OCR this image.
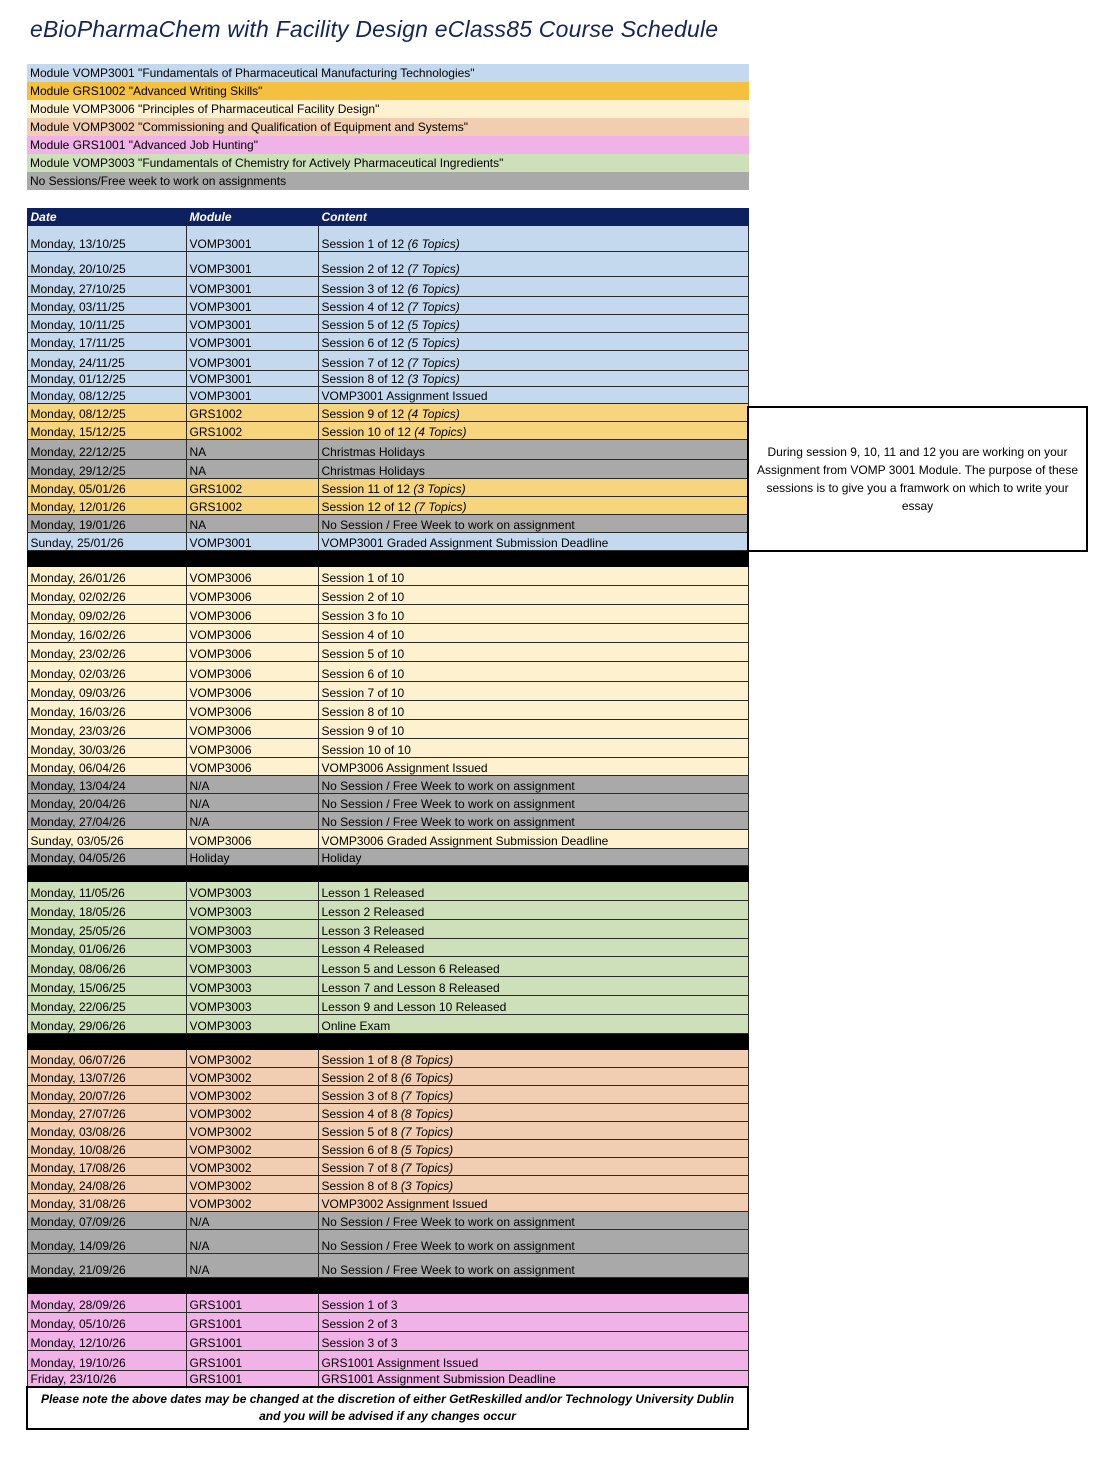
eBioPharmaChem with Facility Design eClass85 Course Schedule
Module VOMP3001 "Fundamentals of Pharmaceutical Manufacturing Technologies"
Module GRS1002 "Advanced Writing Skills"
Module VOMP3006 "Principles of Pharmaceutical Facility Design"
Module VOMP3002 "Commissioning and Qualification of Equipment and Systems"
Module GRS1001 "Advanced Job Hunting"
Module VOMP3003 "Fundamentals of Chemistry for Actively Pharmaceutical Ingredients"
No Sessions/Free week to work on assignments
Date	Module	Content
Monday, 13/10/25	VOMP3001	Session 1 of 12 (6 Topics)
Monday, 20/10/25	VOMP3001	Session 2 of 12 (7 Topics)
Monday, 27/10/25	VOMP3001	Session 3 of 12 (6 Topics)
Monday, 03/11/25	VOMP3001	Session 4 of 12 (7 Topics)
Monday, 10/11/25	VOMP3001	Session 5 of 12 (5 Topics)
Monday, 17/11/25	VOMP3001	Session 6 of 12 (5 Topics)
Monday, 24/11/25	VOMP3001	Session 7 of 12 (7 Topics)
Monday, 01/12/25	VOMP3001	Session 8 of 12 (3 Topics)
Monday, 08/12/25	VOMP3001	VOMP3001 Assignment Issued
Monday, 08/12/25	GRS1002	Session 9 of 12 (4 Topics)
Monday, 15/12/25	GRS1002	Session 10 of 12 (4 Topics)
Monday, 22/12/25	NA	Christmas Holidays
Monday, 29/12/25	NA	Christmas Holidays
Monday, 05/01/26	GRS1002	Session 11 of 12 (3 Topics)
Monday, 12/01/26	GRS1002	Session 12 of 12 (7 Topics)
Monday, 19/01/26	NA	No Session / Free Week to work on assignment
Sunday, 25/01/26	VOMP3001	VOMP3001 Graded Assignment Submission Deadline

Monday, 26/01/26	VOMP3006	Session 1 of 10
Monday, 02/02/26	VOMP3006	Session 2 of 10
Monday, 09/02/26	VOMP3006	Session 3 fo 10
Monday, 16/02/26	VOMP3006	Session 4 of 10
Monday, 23/02/26	VOMP3006	Session 5 of 10
Monday, 02/03/26	VOMP3006	Session 6 of 10
Monday, 09/03/26	VOMP3006	Session 7 of 10
Monday, 16/03/26	VOMP3006	Session 8 of 10
Monday, 23/03/26	VOMP3006	Session 9 of 10
Monday, 30/03/26	VOMP3006	Session 10 of 10
Monday, 06/04/26	VOMP3006	VOMP3006 Assignment Issued
Monday, 13/04/24	N/A	No Session / Free Week to work on assignment
Monday, 20/04/26	N/A	No Session / Free Week to work on assignment
Monday, 27/04/26	N/A	No Session / Free Week to work on assignment
Sunday, 03/05/26	VOMP3006	VOMP3006 Graded Assignment Submission Deadline
Monday, 04/05/26	Holiday	Holiday

Monday, 11/05/26	VOMP3003	Lesson 1 Released
Monday, 18/05/26	VOMP3003	Lesson 2 Released
Monday, 25/05/26	VOMP3003	Lesson 3 Released
Monday, 01/06/26	VOMP3003	Lesson 4 Released
Monday, 08/06/26	VOMP3003	Lesson 5 and Lesson 6 Released
Monday, 15/06/25	VOMP3003	Lesson 7 and Lesson 8 Released
Monday, 22/06/25	VOMP3003	Lesson 9 and Lesson 10 Released
Monday, 29/06/26	VOMP3003	Online Exam

Monday, 06/07/26	VOMP3002	Session 1 of 8 (8 Topics)
Monday, 13/07/26	VOMP3002	Session 2 of 8 (6 Topics)
Monday, 20/07/26	VOMP3002	Session 3 of 8 (7 Topics)
Monday, 27/07/26	VOMP3002	Session 4 of 8 (8 Topics)
Monday, 03/08/26	VOMP3002	Session 5 of 8 (7 Topics)
Monday, 10/08/26	VOMP3002	Session 6 of 8 (5 Topics)
Monday, 17/08/26	VOMP3002	Session 7 of 8 (7 Topics)
Monday, 24/08/26	VOMP3002	Session 8 of 8 (3 Topics)
Monday, 31/08/26	VOMP3002	VOMP3002 Assignment Issued
Monday, 07/09/26	N/A	No Session / Free Week to work on assignment
Monday, 14/09/26	N/A	No Session / Free Week to work on assignment
Monday, 21/09/26	N/A	No Session / Free Week to work on assignment

Monday, 28/09/26	GRS1001	Session 1 of 3
Monday, 05/10/26	GRS1001	Session 2 of 3
Monday, 12/10/26	GRS1001	Session 3 of 3
Monday, 19/10/26	GRS1001	GRS1001 Assignment Issued
Friday, 23/10/26	GRS1001	GRS1001 Assignment Submission Deadline
Please note the above dates may be changed at the discretion of either GetReskilled and/or Technology University Dublin and you will be advised if any changes occur		
During session 9, 10, 11 and 12 you are working on your Assignment from VOMP 3001 Module. The purpose of these sessions is to give you a framwork on which to write your essay
